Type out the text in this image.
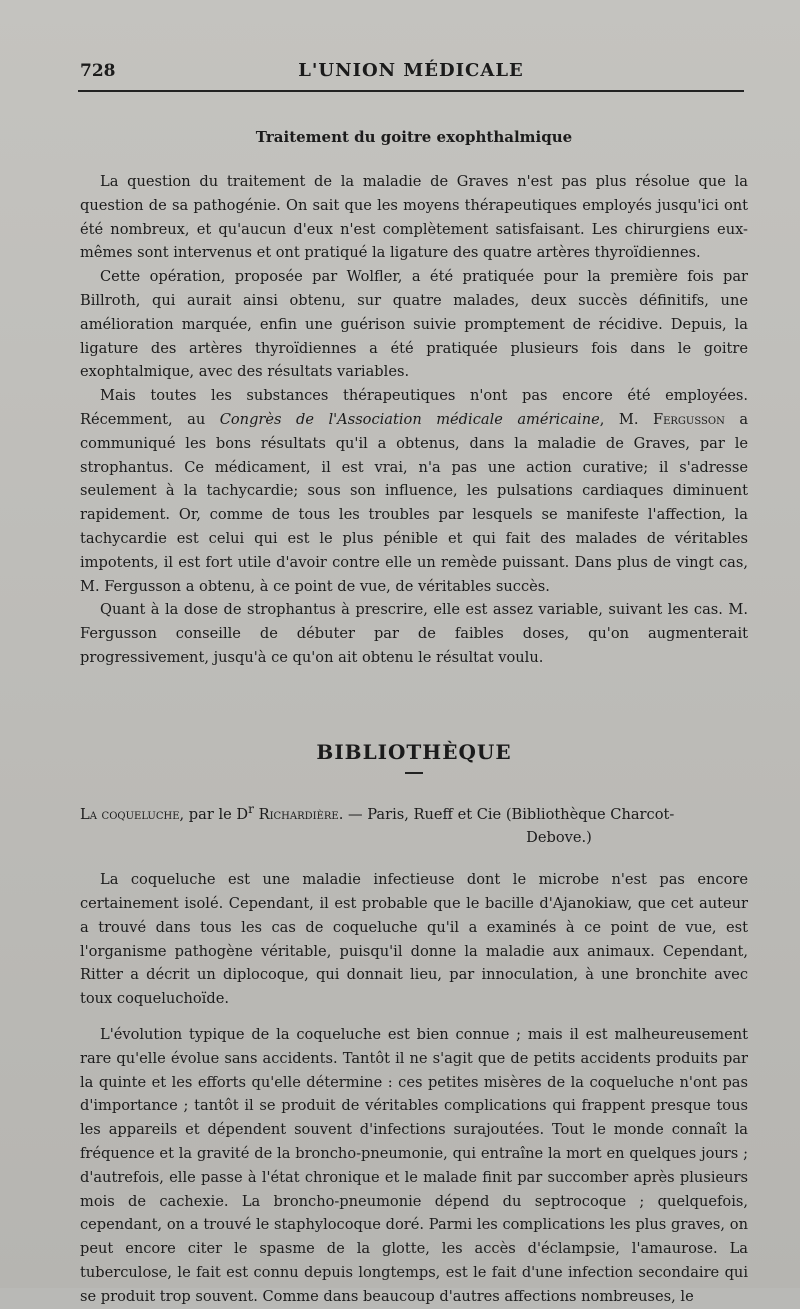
728	L'UNION MÉDICALE
Traitement du goitre exophthalmique

La question du traitement de la maladie de Graves n'est pas plus résolue que la question de sa pathogénie. On sait que les moyens thérapeutiques employés jusqu'ici ont été nombreux, et qu'aucun d'eux n'est complètement satisfaisant. Les chirurgiens eux-mêmes sont intervenus et ont pratiqué la ligature des quatre artères thyroïdiennes.

Cette opération, proposée par Wolfler, a été pratiquée pour la première fois par Billroth, qui aurait ainsi obtenu, sur quatre malades, deux succès définitifs, une amélioration marquée, enfin une guérison suivie promptement de récidive. Depuis, la ligature des artères thyroïdiennes a été pratiquée plusieurs fois dans le goitre exophtalmique, avec des résultats variables.

Mais toutes les substances thérapeutiques n'ont pas encore été employées. Récemment, au Congrès de l'Association médicale américaine, M. Fergusson a communiqué les bons résultats qu'il a obtenus, dans la maladie de Graves, par le strophantus. Ce médicament, il est vrai, n'a pas une action curative; il s'adresse seulement à la tachycardie; sous son influence, les pulsations cardiaques diminuent rapidement. Or, comme de tous les troubles par lesquels se manifeste l'affection, la tachycardie est celui qui est le plus pénible et qui fait des malades de véritables impotents, il est fort utile d'avoir contre elle un remède puissant. Dans plus de vingt cas, M. Fergusson a obtenu, à ce point de vue, de véritables succès.

Quant à la dose de strophantus à prescrire, elle est assez variable, suivant les cas. M. Fergusson conseille de débuter par de faibles doses, qu'on augmenterait progressivement, jusqu'à ce qu'on ait obtenu le résultat voulu.

BIBLIOTHÈQUE
La coqueluche, par le $D^r$ Richardière. — Paris, Rueff et Cie (Bibliothèque Charcot-
Debove.)

La coqueluche est une maladie infectieuse dont le microbe n'est pas encore certainement isolé. Cependant, il est probable que le bacille d'Ajanokiaw, que cet auteur a trouvé dans tous les cas de coqueluche qu'il a examinés à ce point de vue, est l'organisme pathogène véritable, puisqu'il donne la maladie aux animaux. Cependant, Ritter a décrit un diplocoque, qui donnait lieu, par innoculation, à une bronchite avec toux coqueluchoïde.

L'évolution typique de la coqueluche est bien connue ; mais il est malheureusement rare qu'elle évolue sans accidents. Tantôt il ne s'agit que de petits accidents produits par la quinte et les efforts qu'elle détermine : ces petites misères de la coqueluche n'ont pas d'importance ; tantôt il se produit de véritables complications qui frappent presque tous les appareils et dépendent souvent d'infections surajoutées. Tout le monde connaît la fréquence et la gravité de la broncho-pneumonie, qui entraîne la mort en quelques jours ; d'autrefois, elle passe à l'état chronique et le malade finit par succomber après plusieurs mois de cachexie. La broncho-pneumonie dépend du septrocoque ; quelquefois, cependant, on a trouvé le staphylocoque doré. Parmi les complications les plus graves, on peut encore citer le spasme de la glotte, les accès d'éclampsie, l'amaurose. La tuberculose, le fait est connu depuis longtemps, est le fait d'une infection secondaire qui se produit trop souvent. Comme dans beaucoup d'autres affections nombreuses, le
